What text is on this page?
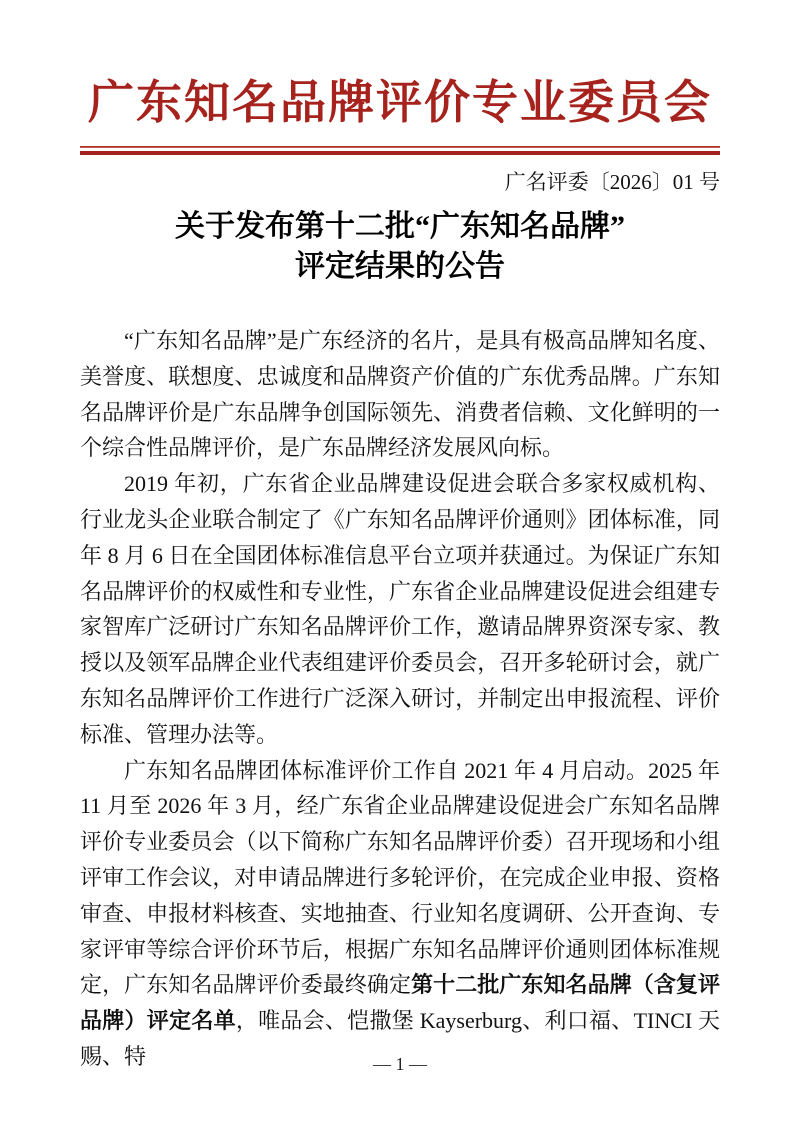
广东知名品牌评价专业委员会
广名评委〔2026〕01 号
关于发布第十二批“广东知名品牌”
评定结果的公告

“广东知名品牌”是广东经济的名片，是具有极高品牌知名度、美誉度、联想度、忠诚度和品牌资产价值的广东优秀品牌。广东知名品牌评价是广东品牌争创国际领先、消费者信赖、文化鲜明的一个综合性品牌评价，是广东品牌经济发展风向标。

2019 年初，广东省企业品牌建设促进会联合多家权威机构、行业龙头企业联合制定了《广东知名品牌评价通则》团体标准，同年 8 月 6 日在全国团体标准信息平台立项并获通过。为保证广东知名品牌评价的权威性和专业性，广东省企业品牌建设促进会组建专家智库广泛研讨广东知名品牌评价工作，邀请品牌界资深专家、教授以及领军品牌企业代表组建评价委员会，召开多轮研讨会，就广东知名品牌评价工作进行广泛深入研讨，并制定出申报流程、评价标准、管理办法等。

广东知名品牌团体标准评价工作自 2021 年 4 月启动。2025 年 11 月至 2026 年 3 月，经广东省企业品牌建设促进会广东知名品牌评价专业委员会（以下简称广东知名品牌评价委）召开现场和小组评审工作会议，对申请品牌进行多轮评价，在完成企业申报、资格审查、申报材料核查、实地抽查、行业知名度调研、公开查询、专家评审等综合评价环节后，根据广东知名品牌评价通则团体标准规定，广东知名品牌评价委最终确定第十二批广东知名品牌（含复评品牌）评定名单，唯品会、恺撒堡 Kayserburg、利口福、TINCI 天赐、特	— 1 —
